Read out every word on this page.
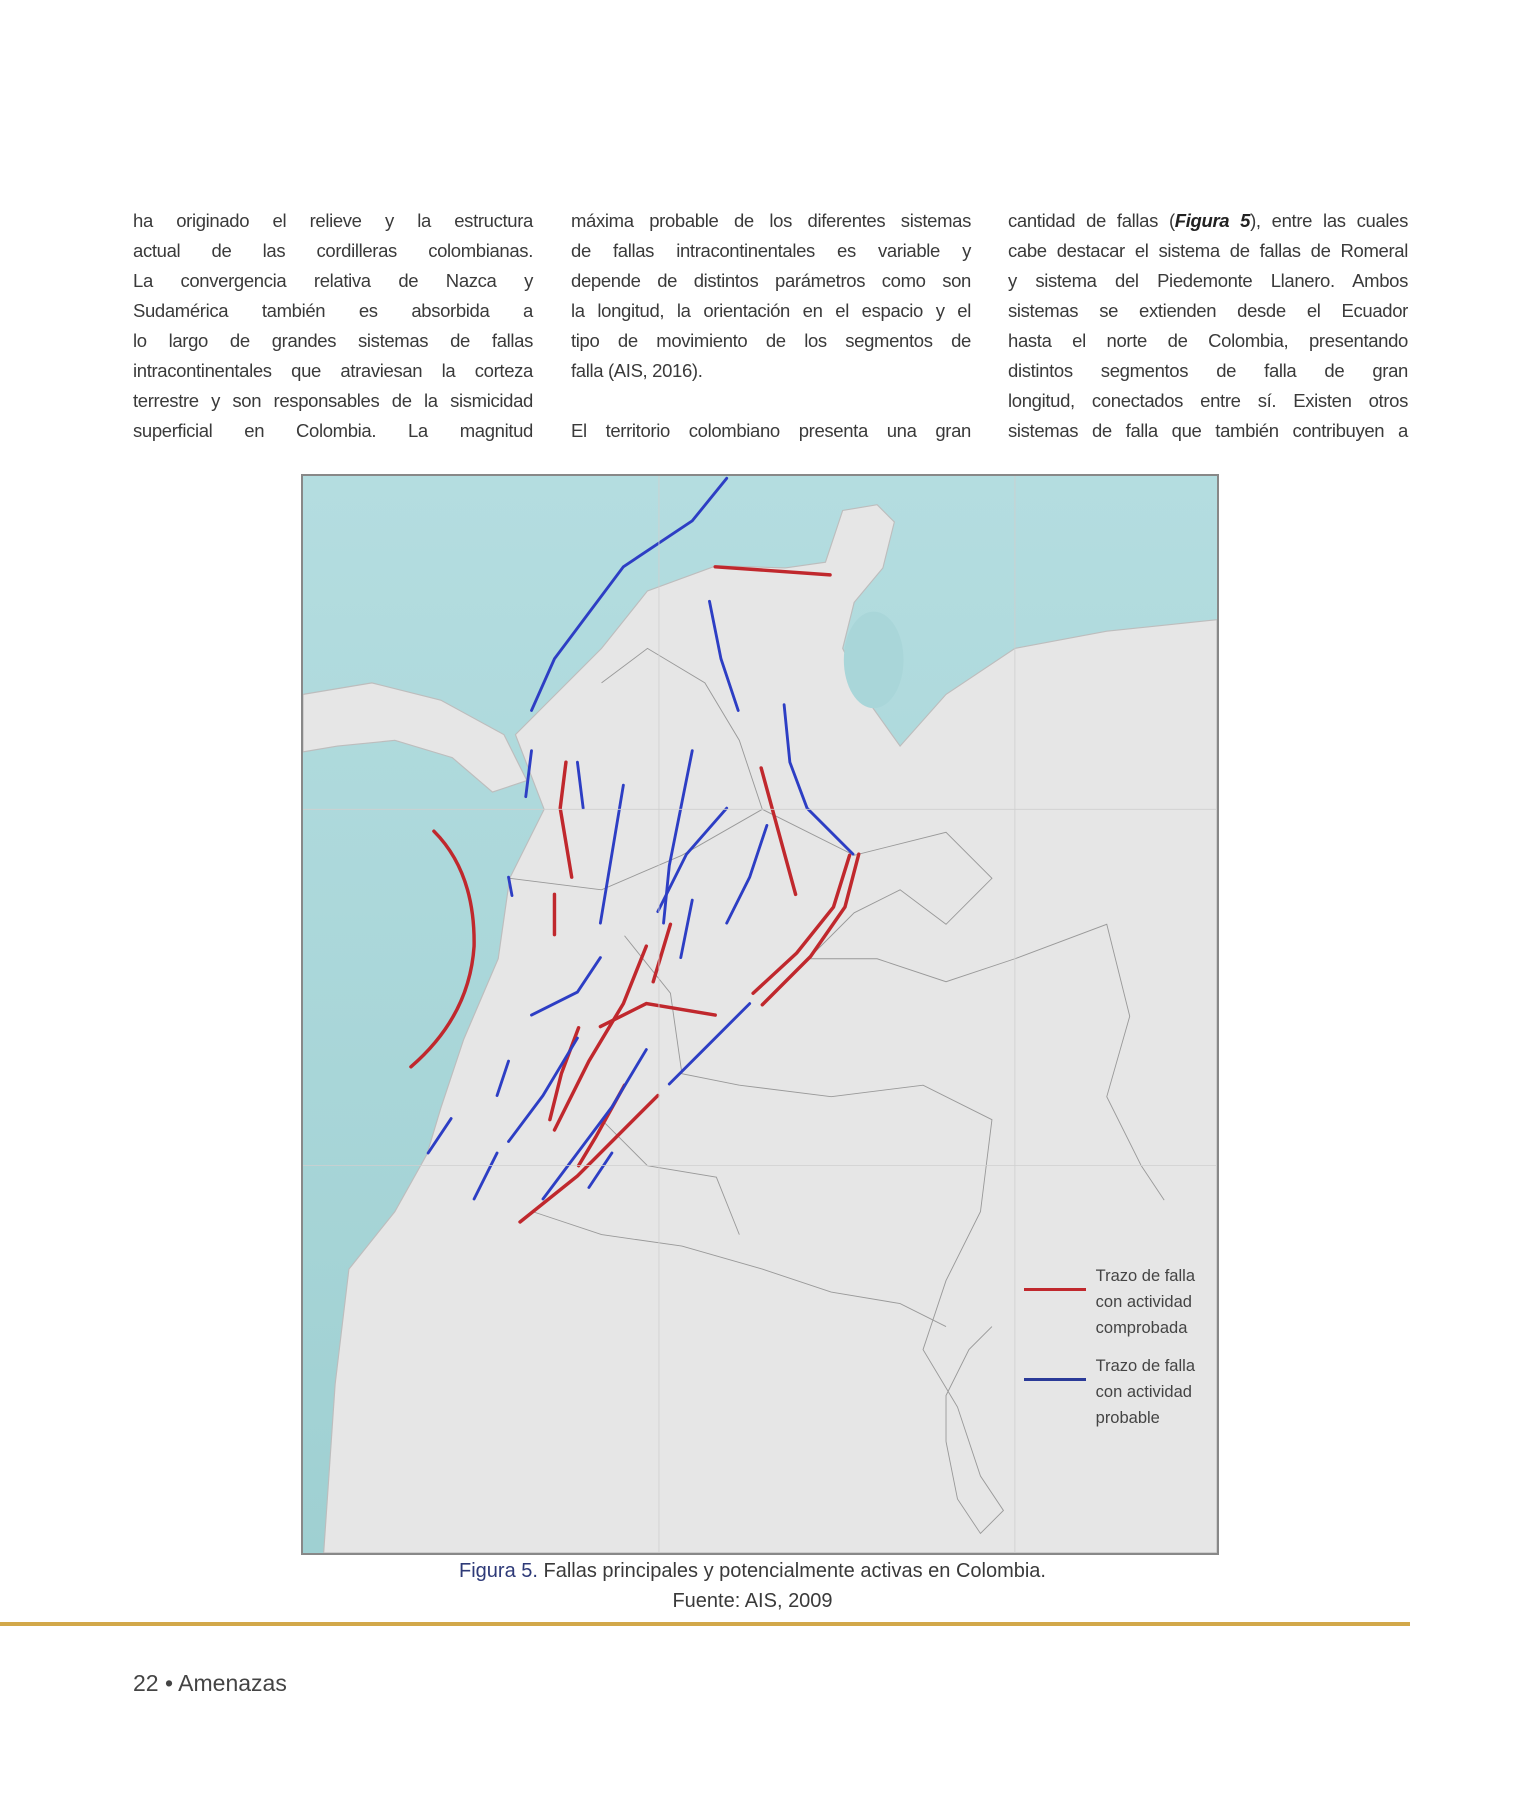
ha originado el relieve y la estructura
actual de las cordilleras colombianas.
La convergencia relativa de Nazca y
Sudamérica también es absorbida a
lo largo de grandes sistemas de fallas
intracontinentales que atraviesan la corteza
terrestre y son responsables de la sismicidad
superficial en Colombia. La magnitud
máxima probable de los diferentes sistemas
de fallas intracontinentales es variable y
depende de distintos parámetros como son
la longitud, la orientación en el espacio y el
tipo de movimiento de los segmentos de
falla (AIS, 2016).
El territorio colombiano presenta una gran
cantidad de fallas (Figura 5), entre las cuales
cabe destacar el sistema de fallas de Romeral
y sistema del Piedemonte Llanero. Ambos
sistemas se extienden desde el Ecuador
hasta el norte de Colombia, presentando
distintos segmentos de falla de gran
longitud, conectados entre sí. Existen otros
sistemas de falla que también contribuyen a
Trazo de falla
con actividad
comprobada
Trazo de falla
con actividad
probable
Figura 5. Fallas principales y potencialmente activas en Colombia.
Fuente: AIS, 2009
22 • Amenazas
